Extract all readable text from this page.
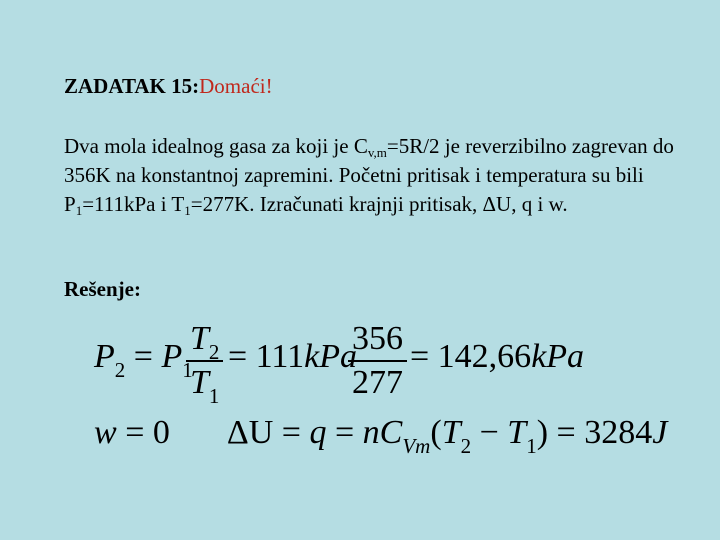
ZADATAK 15:Domaći!
Dva mola idealnog gasa za koji je $C_{v,m}=5R/2$ je reverzibilno zagrevan do 356K na konstantnoj zapremini. Početni pritisak i temperatura su bili $P_1=111kPa$ i $T_1=277K$. Izračunati krajnji pritisak, ΔU, q i w.
Rešenje:
$P_2 = P_1$
$\frac{T_2}{T_1} = 111kPa$
$\frac{356}{277} = 142,66kPa$
w = 0 $\Delta U = q = nC_{Vm}(T_2 - T_1) = 3284J$
